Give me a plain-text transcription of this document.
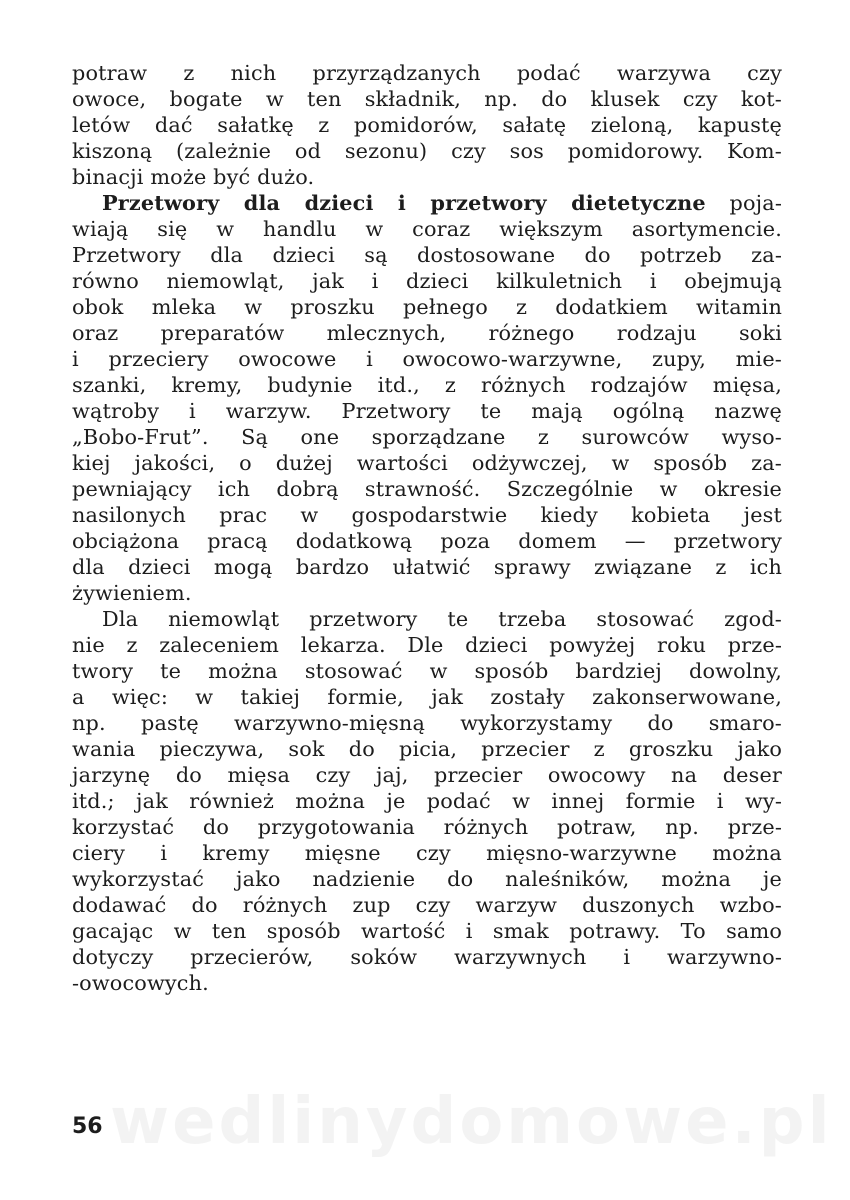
potraw z nich przyrządzanych podać warzywa czy
owoce, bogate w ten składnik, np. do klusek czy kot-
letów dać sałatkę z pomidorów, sałatę zieloną, kapustę
kiszoną (zależnie od sezonu) czy sos pomidorowy. Kom-
binacji może być dużo.
Przetwory dla dzieci i przetwory dietetyczne poja-
wiają się w handlu w coraz większym asortymencie.
Przetwory dla dzieci są dostosowane do potrzeb za-
równo niemowląt, jak i dzieci kilkuletnich i obejmują
obok mleka w proszku pełnego z dodatkiem witamin
oraz preparatów mlecznych, różnego rodzaju soki
i przeciery owocowe i owocowo-warzywne, zupy, mie-
szanki, kremy, budynie itd., z różnych rodzajów mięsa,
wątroby i warzyw. Przetwory te mają ogólną nazwę
„Bobo-Frut”. Są one sporządzane z surowców wyso-
kiej jakości, o dużej wartości odżywczej, w sposób za-
pewniający ich dobrą strawność. Szczególnie w okresie
nasilonych prac w gospodarstwie kiedy kobieta jest
obciążona pracą dodatkową poza domem — przetwory
dla dzieci mogą bardzo ułatwić sprawy związane z ich
żywieniem.
Dla niemowląt przetwory te trzeba stosować zgod-
nie z zaleceniem lekarza. Dle dzieci powyżej roku prze-
twory te można stosować w sposób bardziej dowolny,
a więc: w takiej formie, jak zostały zakonserwowane,
np. pastę warzywno-mięsną wykorzystamy do smaro-
wania pieczywa, sok do picia, przecier z groszku jako
jarzynę do mięsa czy jaj, przecier owocowy na deser
itd.; jak również można je podać w innej formie i wy-
korzystać do przygotowania różnych potraw, np. prze-
ciery i kremy mięsne czy mięsno-warzywne można
wykorzystać jako nadzienie do naleśników, można je
dodawać do różnych zup czy warzyw duszonych wzbo-
gacając w ten sposób wartość i smak potrawy. To samo
dotyczy przecierów, soków warzywnych i warzywno-
-owocowych.
wedlinydomowe.pl
56
